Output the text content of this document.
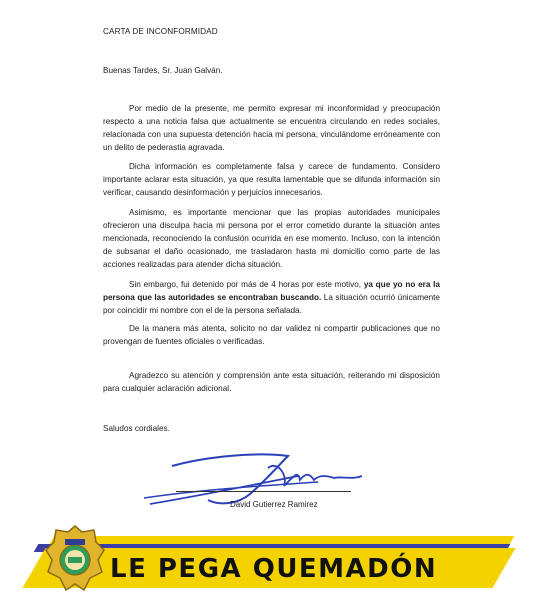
CARTA DE INCONFORMIDAD
Buenas Tardes, Sr. Juan Galván.

Por medio de la presente, me permito expresar mi inconformidad y preocupación respecto a una noticia falsa que actualmente se encuentra circulando en redes sociales, relacionada con una supuesta detención hacia mi persona, vinculándome erróneamente con un delito de pederastia agravada.

Dicha información es completamente falsa y carece de fundamento. Considero importante aclarar esta situación, ya que resulta lamentable que se difunda información sin verificar, causando desinformación y perjuicios innecesarios.

Asimismo, es importante mencionar que las propias autoridades municipales ofrecieron una disculpa hacia mi persona por el error cometido durante la situación antes mencionada, reconociendo la confusión ocurrida en ese momento. Incluso, con la intención de subsanar el daño ocasionado, me trasladaron hasta mi domicilio como parte de las acciones realizadas para atender dicha situación.

Sin embargo, fui detenido por más de 4 horas por este motivo, ya que yo no era la persona que las autoridades se encontraban buscando. La situación ocurrió únicamente por coincidir mi nombre con el de la persona señalada.

De la manera más atenta, solicito no dar validez ni compartir publicaciones que no provengan de fuentes oficiales o verificadas.

Agradezco su atención y comprensión ante esta situación, reiterando mi disposición para cualquier aclaración adicional.

Saludos cordiales.
David Gutierrez Ramirez
LE PEGA QUEMADÓN
